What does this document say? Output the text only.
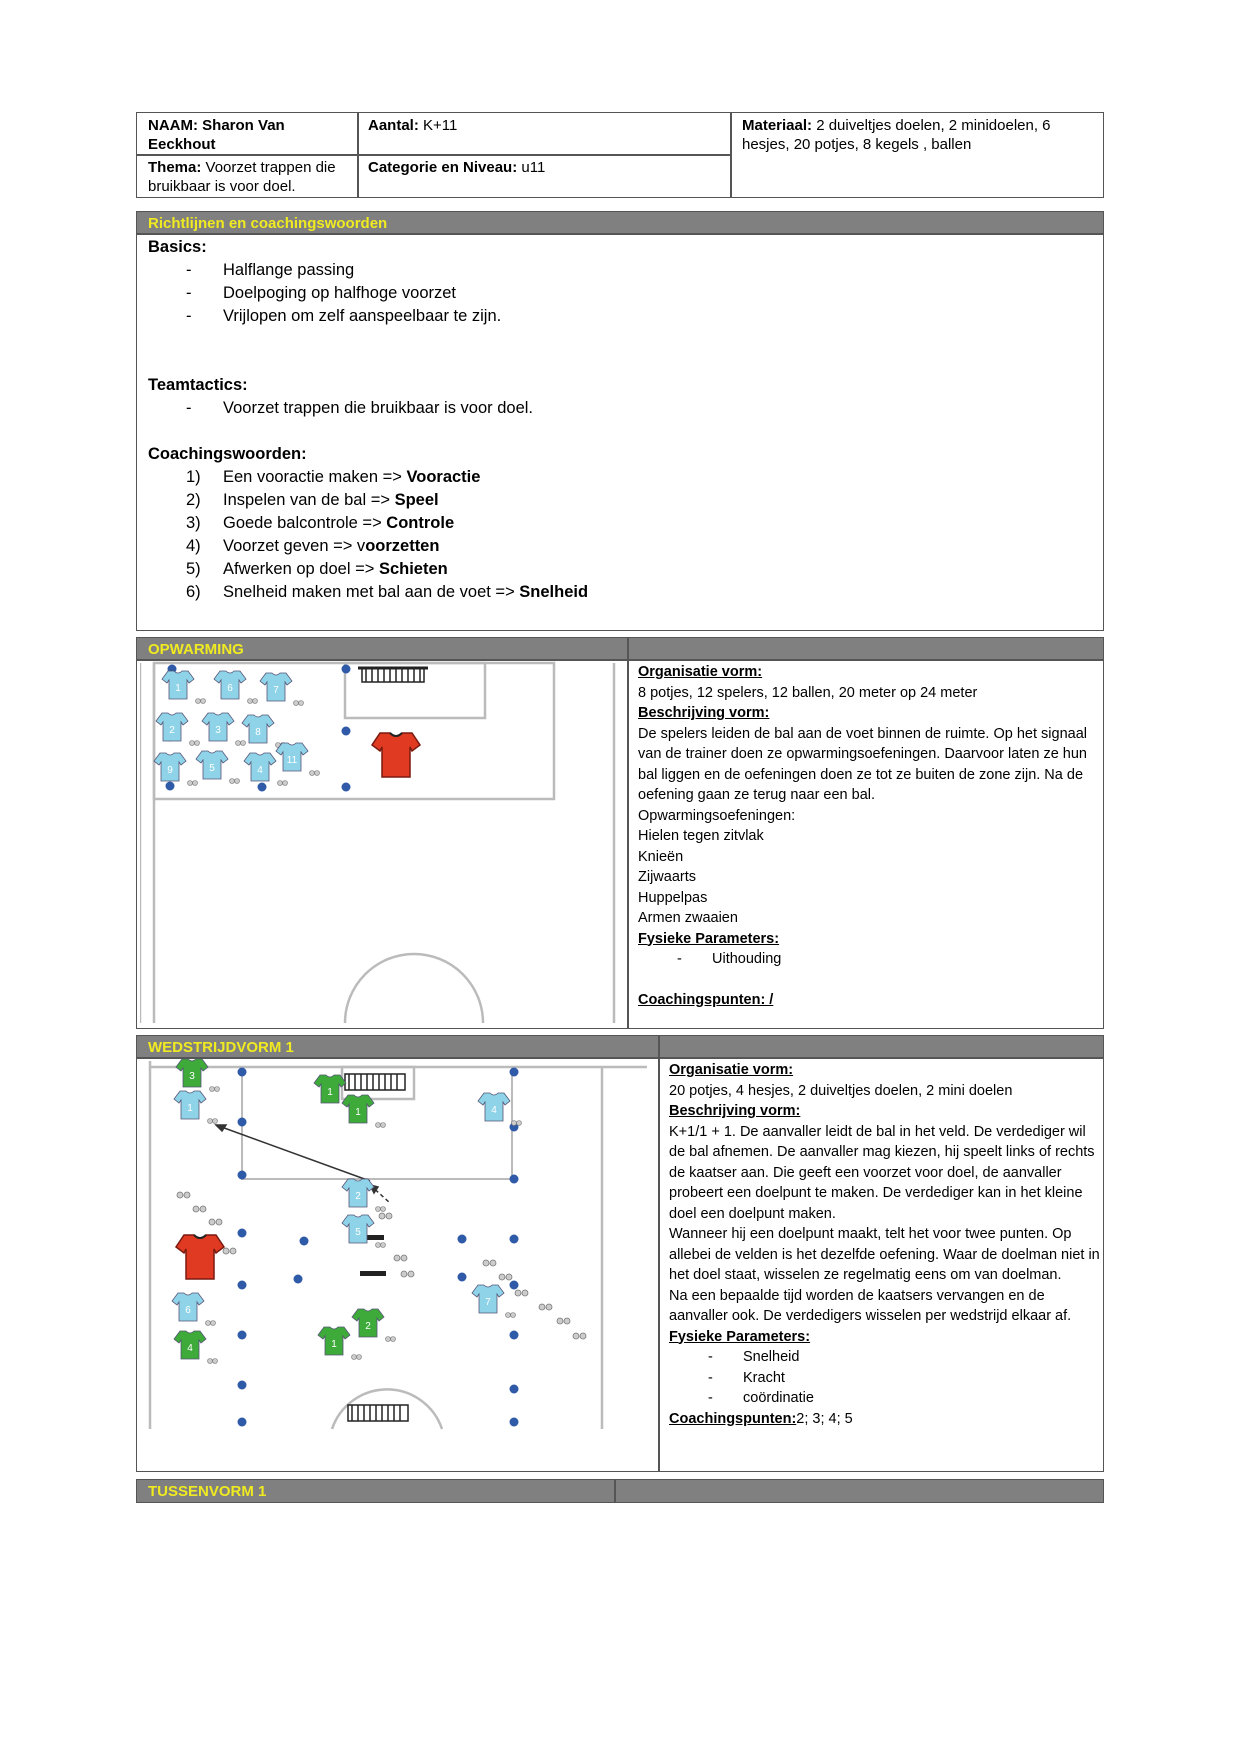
NAAM: Sharon Van Eeckhout
Thema: Voorzet trappen die bruikbaar is voor doel.
Aantal: K+11
Categorie en Niveau: u11
Materiaal: 2 duiveltjes doelen, 2 minidoelen, 6 hesjes, 20 potjes, 8 kegels , ballen
Richtlijnen en coachingswoorden
Basics:
- Halflange passing
- Doelpoging op halfhoge voorzet
- Vrijlopen om zelf aanspeelbaar te zijn.
Teamtactics:
- Voorzet trappen die bruikbaar is voor doel.
Coachingswoorden:
1) Een vooractie maken => Vooractie
2) Inspelen van de bal => Speel
3) Goede balcontrole => Controle
4) Voorzet geven => voorzetten
5) Afwerken op doel => Schieten
6) Snelheid maken met bal aan de voet => Snelheid
OPWARMING
1	6	7
2	3	8
9	5	4
11
Organisatie vorm:
8 potjes, 12 spelers, 12 ballen, 20 meter op 24 meter
Beschrijving vorm:
De spelers leiden de bal aan de voet binnen de ruimte. Op het signaal van de trainer doen ze opwarmingsoefeningen. Daarvoor laten ze hun bal liggen en de oefeningen doen ze tot ze buiten de zone zijn. Na de oefening gaan ze terug naar een bal.
Opwarmingsoefeningen:
Hielen tegen zitvlak
Knieën
Zijwaarts
Huppelpas
Armen zwaaien
Fysieke Parameters:
- Uithouding
Coachingspunten: /
WEDSTRIJDVORM 1
3
1
1
1	4
2
5
7
6
4
2
1
Organisatie vorm:
20 potjes, 4 hesjes, 2 duiveltjes doelen, 2 mini doelen
Beschrijving vorm:
K+1/1 + 1. De aanvaller leidt de bal in het veld. De verdediger wil de bal afnemen. De aanvaller mag kiezen, hij speelt links of rechts de kaatser aan. Die geeft een voorzet voor doel, de aanvaller probeert een doelpunt te maken. De verdediger kan in het kleine doel een doelpunt maken.
Wanneer hij een doelpunt maakt, telt het voor twee punten. Op allebei de velden is het dezelfde oefening. Waar de doelman niet in het doel staat, wisselen ze regelmatig eens om van doelman.
Na een bepaalde tijd worden de kaatsers vervangen en de aanvaller ook. De verdedigers wisselen per wedstrijd elkaar af.
Fysieke Parameters:
- Snelheid
- Kracht
- coördinatie
Coachingspunten:2; 3; 4; 5
TUSSENVORM 1
